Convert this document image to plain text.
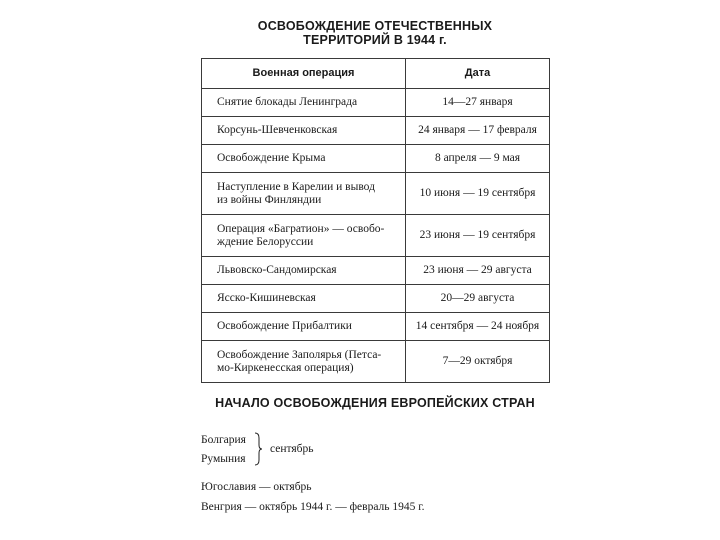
ОСВОБОЖДЕНИЕ ОТЕЧЕСТВЕННЫХ
ТЕРРИТОРИЙ В 1944 г.
Военная операция	Дата
Снятие блокады Ленинграда	14—27 января
Корсунь-Шевченковская	24 января — 17 февраля
Освобождение Крыма	8 апреля — 9 мая

Наступление в Карелии и вывод
из войны Финляндии	10 июня — 19 сентября

Операция «Багратион» — освобо-
ждение Белоруссии	23 июня — 19 сентября
Львовско-Сандомирская	23 июня — 29 августа
Ясско-Кишиневская	20—29 августа
Освобождение Прибалтики	14 сентября — 24 ноября

Освобождение Заполярья (Петса-
мо-Киркенесская операция)	7—29 октября
НАЧАЛО ОСВОБОЖДЕНИЯ ЕВРОПЕЙСКИХ СТРАН
Болгария
Румыния
сентябрь
Югославия — октябрь
Венгрия — октябрь 1944 г. — февраль 1945 г.
